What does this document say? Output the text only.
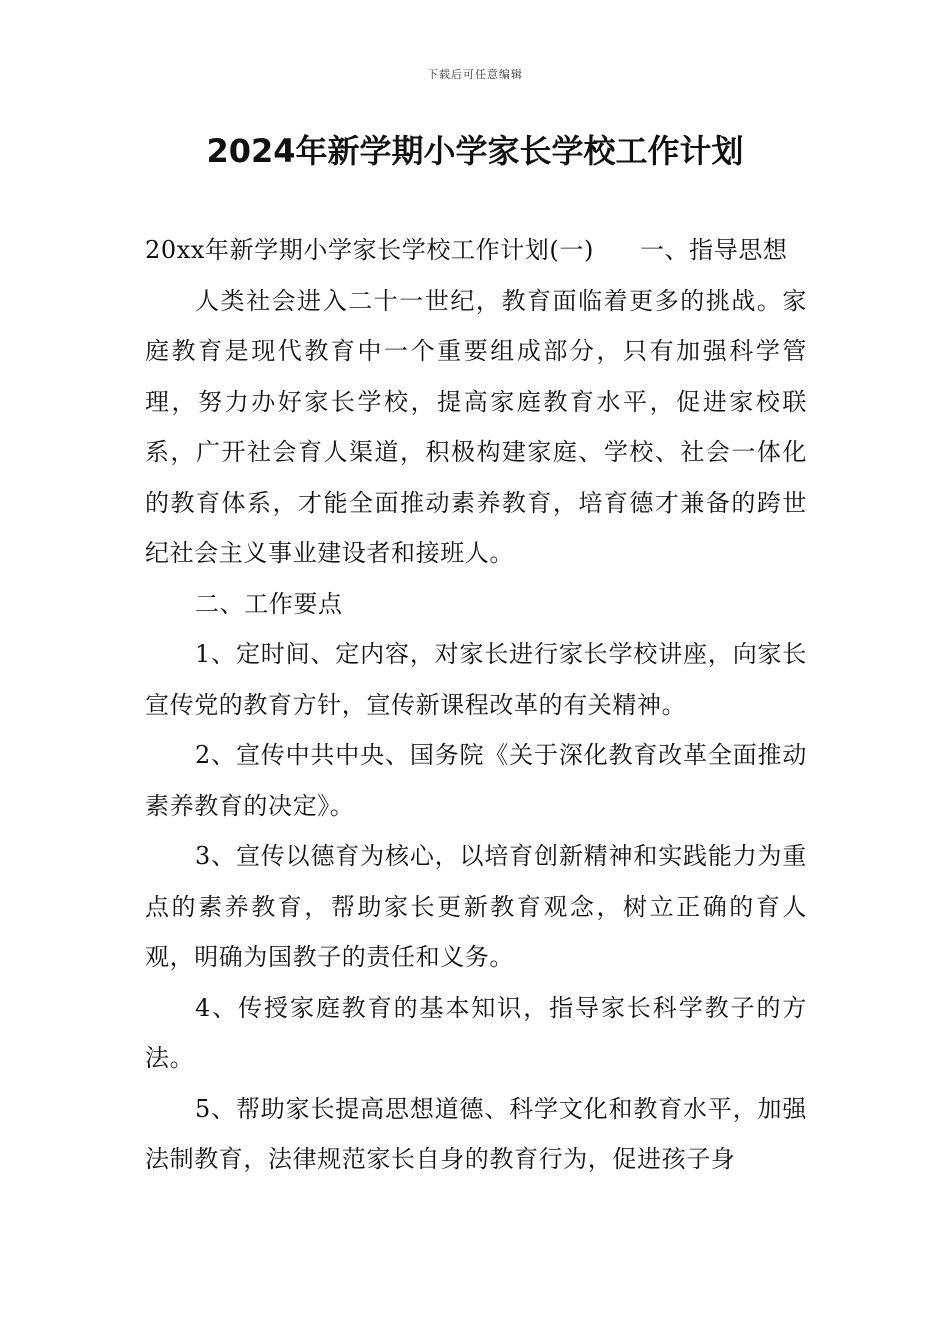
下载后可任意编辑
2024年新学期小学家长学校工作计划

20xx年新学期小学家长学校工作计划(一) 一、指导思想

人类社会进入二十一世纪，教育面临着更多的挑战。家庭教育是现代教育中一个重要组成部分，只有加强科学管理，努力办好家长学校，提高家庭教育水平，促进家校联系，广开社会育人渠道，积极构建家庭、学校、社会一体化的教育体系，才能全面推动素养教育，培育德才兼备的跨世纪社会主义事业建设者和接班人。

二、工作要点

1、定时间、定内容，对家长进行家长学校讲座，向家长宣传党的教育方针，宣传新课程改革的有关精神。

2、宣传中共中央、国务院《关于深化教育改革全面推动素养教育的决定》。

3、宣传以德育为核心，以培育创新精神和实践能力为重点的素养教育，帮助家长更新教育观念，树立正确的育人观，明确为国教子的责任和义务。

4、传授家庭教育的基本知识，指导家长科学教子的方法。

5、帮助家长提高思想道德、科学文化和教育水平，加强法制教育，法律规范家长自身的教育行为，促进孩子身
